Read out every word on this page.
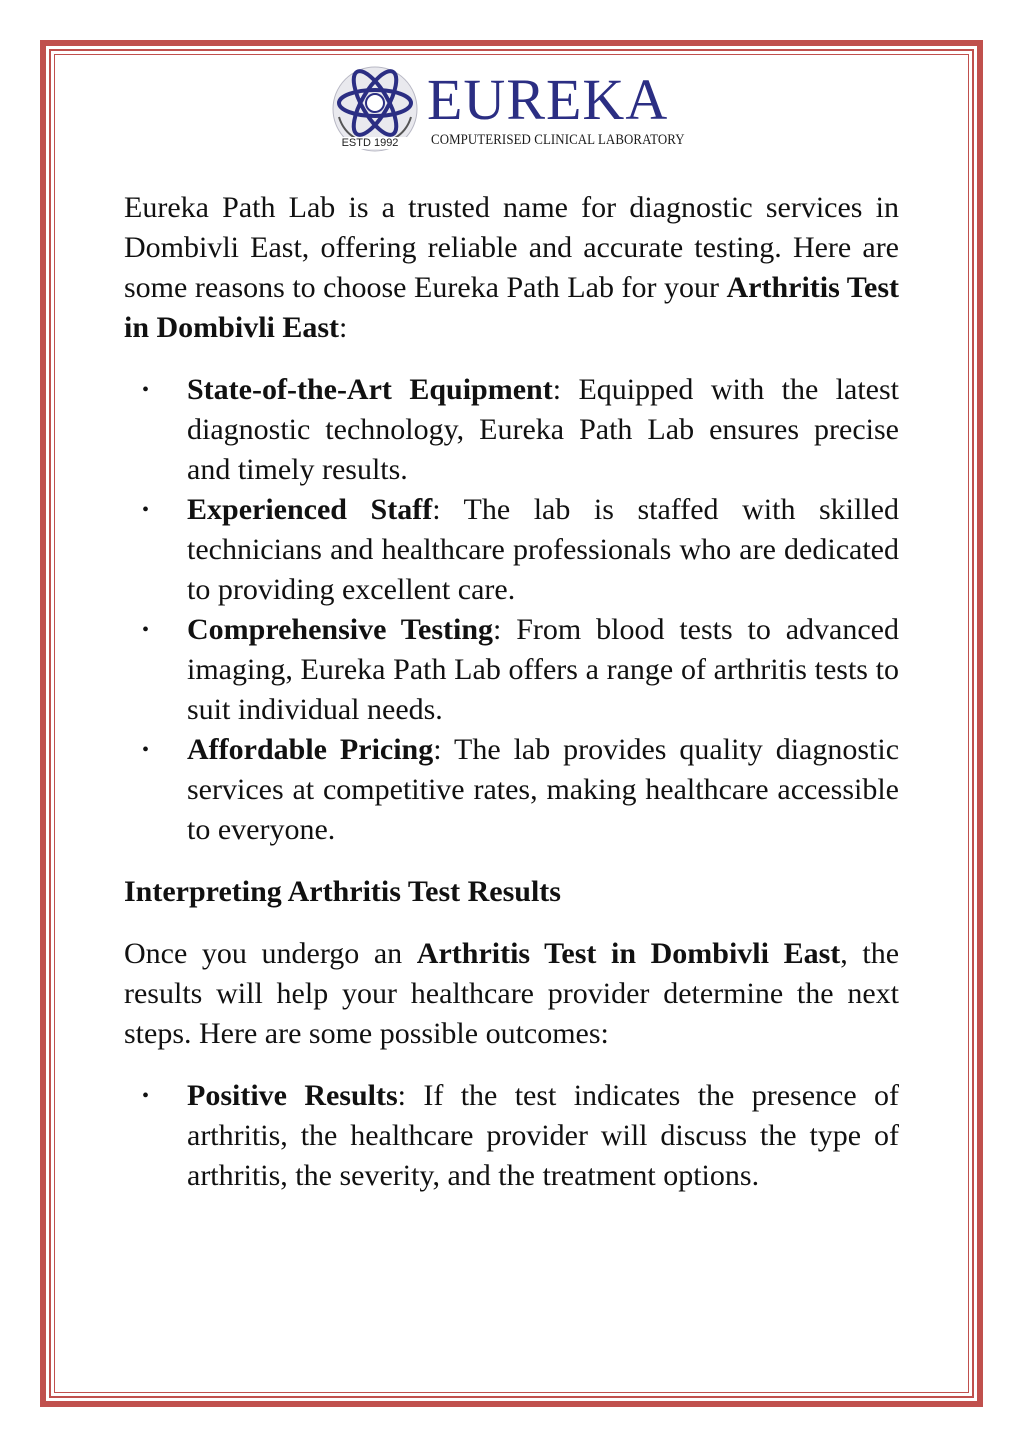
ESTD 1992
EUREKA
COMPUTERISED CLINICAL LABORATORY

Eureka Path Lab is a trusted name for diagnostic services in Dombivli East, offering reliable and accurate testing. Here are some reasons to choose Eureka Path Lab for your Arthritis Test in Dombivli East:

• State-of-the-Art Equipment: Equipped with the latest diagnostic technology, Eureka Path Lab ensures precise and timely results.
• Experienced Staff: The lab is staffed with skilled technicians and healthcare professionals who are dedicated to providing excellent care.
• Comprehensive Testing: From blood tests to advanced imaging, Eureka Path Lab offers a range of arthritis tests to suit individual needs.
• Affordable Pricing: The lab provides quality diagnostic services at competitive rates, making healthcare accessible to everyone.
Interpreting Arthritis Test Results

Once you undergo an Arthritis Test in Dombivli East, the results will help your healthcare provider determine the next steps. Here are some possible outcomes:

• Positive Results: If the test indicates the presence of arthritis, the healthcare provider will discuss the type of arthritis, the severity, and the treatment options.
